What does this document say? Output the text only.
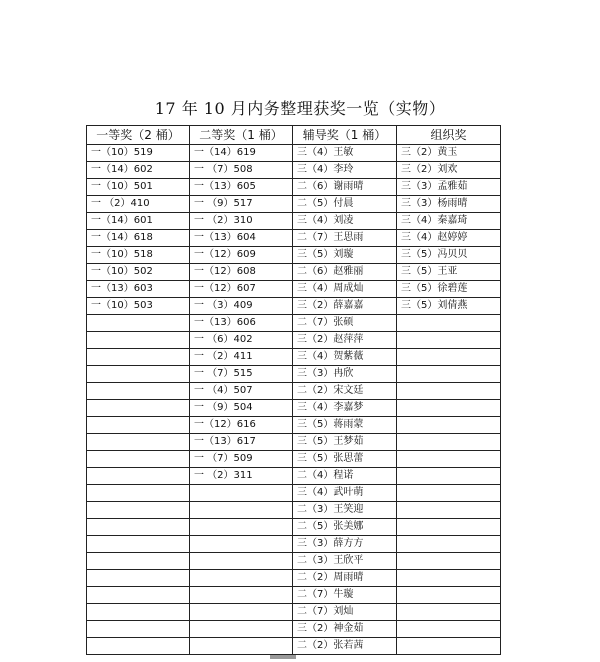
17 年 10 月内务整理获奖一览（实物）
一等奖（2 桶）	二等奖（1 桶）	辅导奖（1 桶）	组织奖
一（10）519	一（14）619	三（4）王敏	三（2）黄玉
一（14）602	一 （7）508	三（4）李玲	三（2）刘欢
一（10）501	一（13）605	二（6）谢雨晴	三（3）孟雅茹
一 （2）410	一 （9）517	二（5）付晨	三（3）杨雨晴
一（14）601	一 （2）310	三（4）刘凌	三（4）秦嘉琦
一（14）618	一（13）604	二（7）王思雨	三（4）赵婷婷
一（10）518	一（12）609	三（5）刘璇	三（5）冯贝贝
一（10）502	一（12）608	二（6）赵雅丽	三（5）王亚
一（13）603	一（12）607	三（4）周成灿	三（5）徐碧莲
一（10）503	一 （3）409	三（2）薛嘉嘉	三（5）刘倩燕
	一（13）606	二（7）张硕	
	一 （6）402	三（2）赵萍萍	
	一 （2）411	三（4）贺紫薇	
	一 （7）515	三（3）冉欣	
	一 （4）507	二（2）宋文廷	
	一 （9）504	三（4）李嘉梦	
	一（12）616	三（5）蒋雨蒙	
	一（13）617	三（5）王梦茹	
	一 （7）509	三（5）张思蕾	
	一 （2）311	二（4）程诺	
		三（4）武叶萌	
		二（3）王笑迎	
		二（5）张美娜	
		三（3）薛方方	
		二（3）王欣平	
		二（2）周雨晴	
		二（7）牛璇	
		二（7）刘灿	
		三（2）神金茹	
		二（2）张若茜	
